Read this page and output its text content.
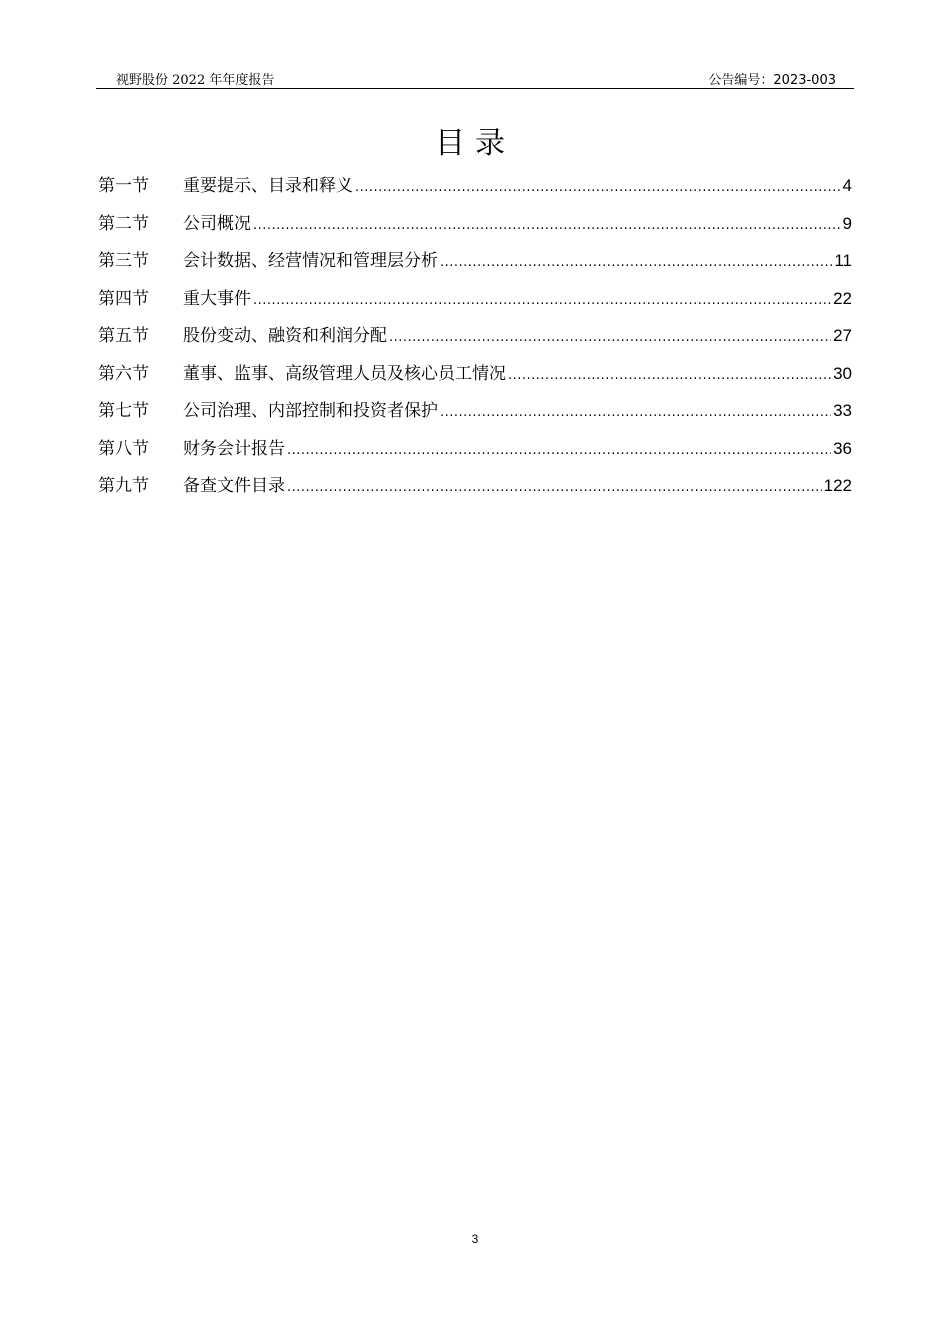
视野股份 2022 年年度报告	公告编号：2023-003
目录
第一节	重要提示、目录和释义 .....	4
第二节	公司概况 .....	9
第三节	会计数据、经营情况和管理层分析 .....	11
第四节	重大事件 .....	22
第五节	股份变动、融资和利润分配 .....	27
第六节	董事、监事、高级管理人员及核心员工情况 .....	30
第七节	公司治理、内部控制和投资者保护 .....	33
第八节	财务会计报告 .....	36
第九节	备查文件目录 .....	122
3
